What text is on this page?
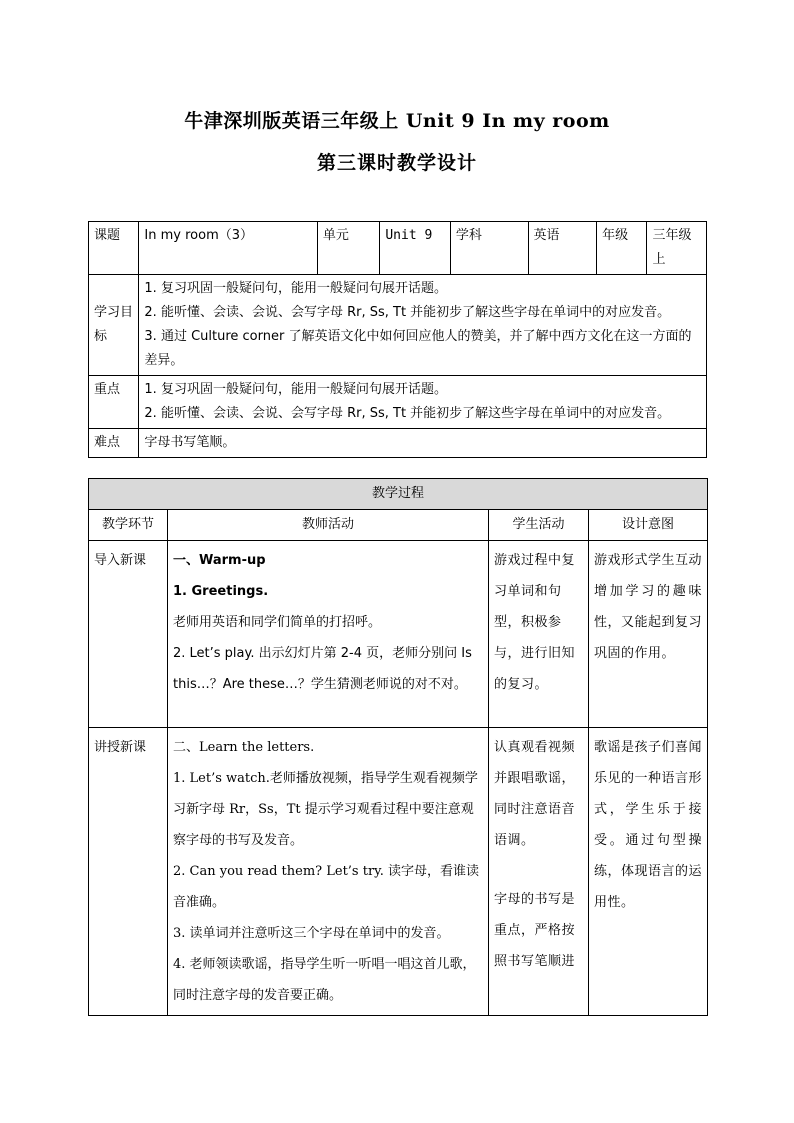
牛津深圳版英语三年级上 Unit 9 In my room
第三课时教学设计
课题	In my room（3）	单元	Unit 9	学科	英语	年级	三年级上
学习目标	1. 复习巩固一般疑问句，能用一般疑问句展开话题。
2. 能听懂、会读、会说、会写字母 Rr, Ss, Tt 并能初步了解这些字母在单词中的对应发音。
3. 通过 Culture corner 了解英语文化中如何回应他人的赞美，并了解中西方文化在这一方面的差异。						

重点	1. 复习巩固一般疑问句，能用一般疑问句展开话题。
2. 能听懂、会读、会说、会写字母 Rr, Ss, Tt 并能初步了解这些字母在单词中的对应发音。						

难点	字母书写笔顺。						
教学过程			
教学环节	教师活动	学生活动	设计意图
导入新课	一、Warm-up
1. Greetings.
老师用英语和同学们简单的打招呼。
2. Let’s play. 出示幻灯片第 2-4 页，老师分别问 Is this…？Are these…？学生猜测老师说的对不对。	游戏过程中复习单词和句型，积极参与，进行旧知的复习。	游戏形式学生互动增加学习的趣味性，又能起到复习巩固的作用。
讲授新课	二、Learn the letters.
1. Let’s watch.老师播放视频，指导学生观看视频学习新字母 Rr，Ss，Tt 提示学习观看过程中要注意观察字母的书写及发音。
2. Can you read them? Let’s try. 读字母，看谁读音准确。
3. 读单词并注意听这三个字母在单词中的发音。
4. 老师领读歌谣，指导学生听一听唱一唱这首儿歌，同时注意字母的发音要正确。	认真观看视频并跟唱歌谣，同时注意语音语调。
字母的书写是重点，严格按照书写笔顺进	歌谣是孩子们喜闻乐见的一种语言形式，学生乐于接受。通过句型操练，体现语言的运用性。
